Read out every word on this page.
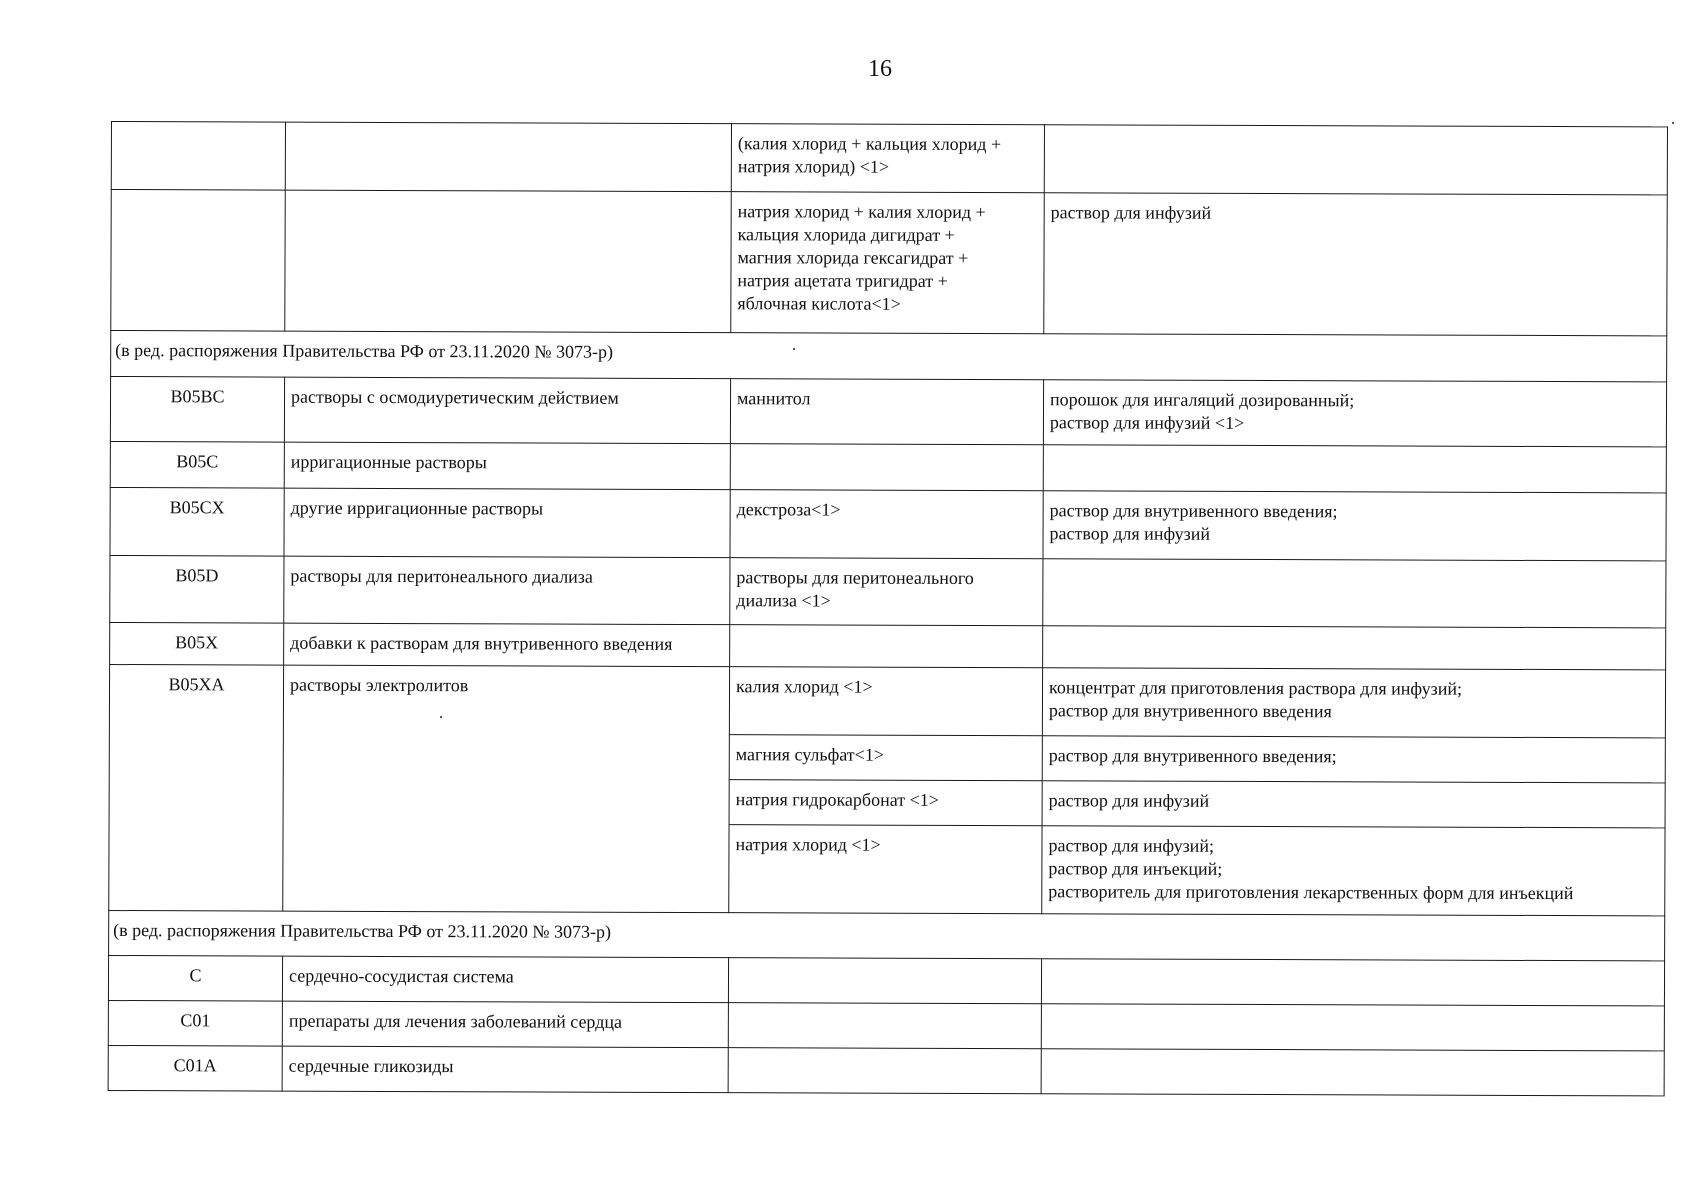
16

		(калия хлорид + кальция хлорид +
натрия хлорид) <1>	

		натрия хлорид + калия хлорид +
кальция хлорида дигидрат +
магния хлорида гексагидрат +
натрия ацетата тригидрат +
яблочная кислота<1>	раствор для инфузий

(в ред. распоряжения Правительства РФ от 23.11.2020 № 3073-р)			

B05BC	растворы с осмодиуретическим действием	маннитол	порошок для ингаляций дозированный;
раствор для инфузий <1>

B05C	ирригационные растворы		

B05CX	другие ирригационные растворы	декстроза<1>	раствор для внутривенного введения;
раствор для инфузий

B05D	растворы для перитонеального диализа	растворы для перитонеального
диализа <1>	

B05X	добавки к растворам для внутривенного введения		

B05XA	растворы электролитов	калия хлорид <1>	концентрат для приготовления раствора для инфузий;
раствор для внутривенного введения

		магния сульфат<1>	раствор для внутривенного введения;

		натрия гидрокарбонат <1>	раствор для инфузий

		натрия хлорид <1>	раствор для инфузий;
раствор для инъекций;
растворитель для приготовления лекарственных форм для инъекций

(в ред. распоряжения Правительства РФ от 23.11.2020 № 3073-р)			

C	сердечно-сосудистая система		

C01	препараты для лечения заболеваний сердца		

C01A	сердечные гликозиды		
